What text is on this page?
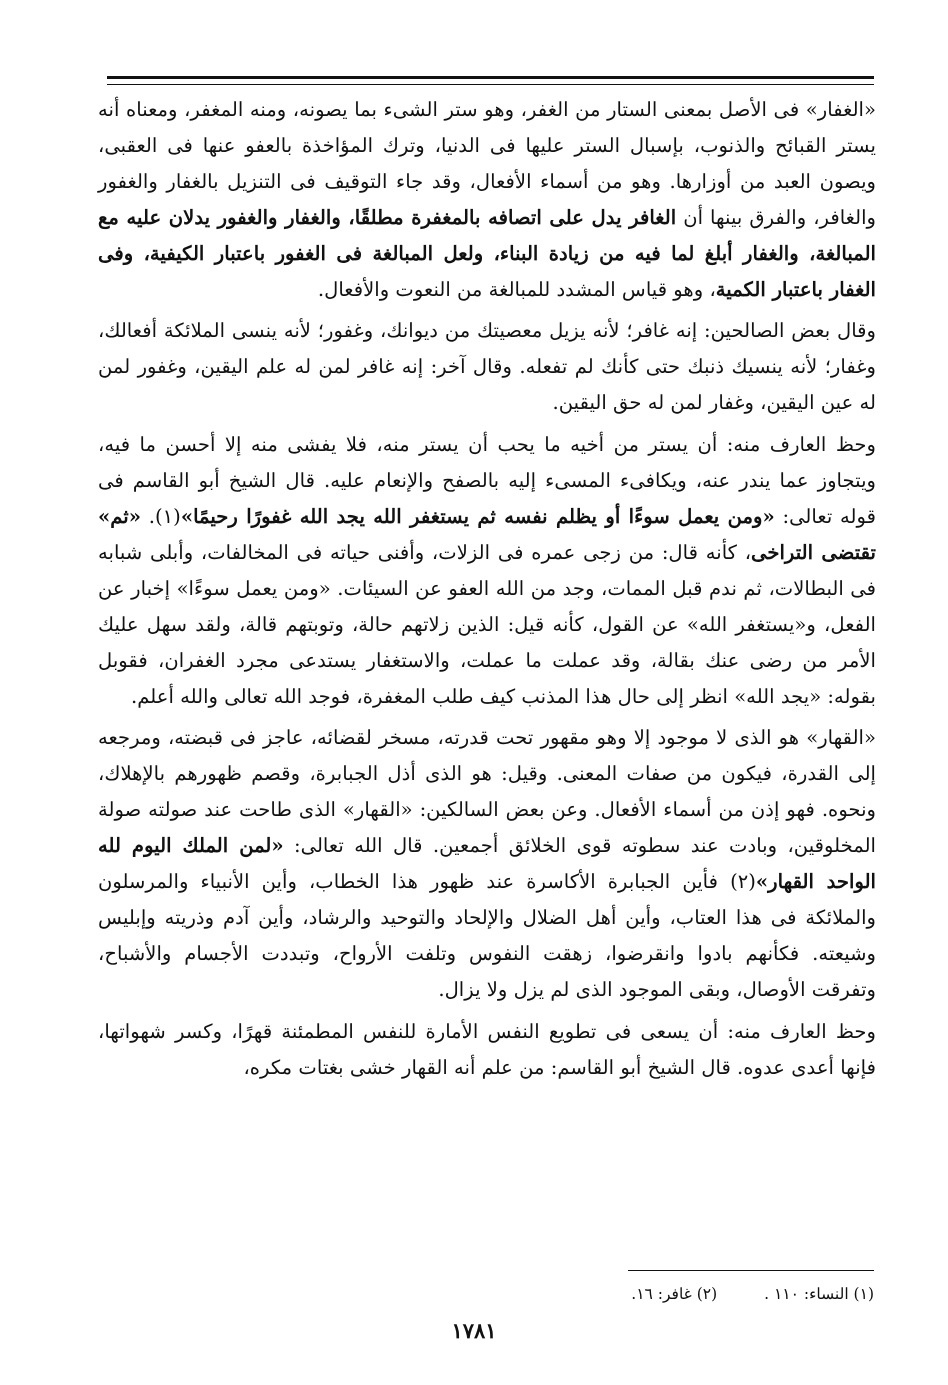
«الغفار» فى الأصل بمعنى الستار من الغفر، وهو ستر الشىء بما يصونه، ومنه المغفر، ومعناه أنه يستر القبائح والذنوب، بإسبال الستر عليها فى الدنيا، وترك المؤاخذة بالعفو عنها فى العقبى، ويصون العبد من أوزارها. وهو من أسماء الأفعال، وقد جاء التوقيف فى التنزيل بالغفار والغفور والغافر، والفرق بينها أن الغافر يدل على اتصافه بالمغفرة مطلقًا، والغفار والغفور يدلان عليه مع المبالغة، والغفار أبلغ لما فيه من زيادة البناء، ولعل المبالغة فى الغفور باعتبار الكيفية، وفى الغفار باعتبار الكمية، وهو قياس المشدد للمبالغة من النعوت والأفعال.

وقال بعض الصالحين: إنه غافر؛ لأنه يزيل معصيتك من ديوانك، وغفور؛ لأنه ينسى الملائكة أفعالك، وغفار؛ لأنه ينسيك ذنبك حتى كأنك لم تفعله. وقال آخر: إنه غافر لمن له علم اليقين، وغفور لمن له عين اليقين، وغفار لمن له حق اليقين.

وحظ العارف منه: أن يستر من أخيه ما يحب أن يستر منه، فلا يفشى منه إلا أحسن ما فيه، ويتجاوز عما يندر عنه، ويكافىء المسىء إليه بالصفح والإنعام عليه. قال الشيخ أبو القاسم فى قوله تعالى: «ومن يعمل سوءًا أو يظلم نفسه ثم يستغفر الله يجد الله غفورًا رحيمًا»(١). «ثم» تقتضى التراخى، كأنه قال: من زجى عمره فى الزلات، وأفنى حياته فى المخالفات، وأبلى شبابه فى البطالات، ثم ندم قبل الممات، وجد من الله العفو عن السيئات. «ومن يعمل سوءًا» إخبار عن الفعل، و«يستغفر الله» عن القول، كأنه قيل: الذين زلاتهم حالة، وتوبتهم قالة، ولقد سهل عليك الأمر من رضى عنك بقالة، وقد عملت ما عملت، والاستغفار يستدعى مجرد الغفران، فقوبل بقوله: «يجد الله» انظر إلى حال هذا المذنب كيف طلب المغفرة، فوجد الله تعالى والله أعلم.

«القهار» هو الذى لا موجود إلا وهو مقهور تحت قدرته، مسخر لقضائه، عاجز فى قبضته، ومرجعه إلى القدرة، فيكون من صفات المعنى. وقيل: هو الذى أذل الجبابرة، وقصم ظهورهم بالإهلاك، ونحوه. فهو إذن من أسماء الأفعال. وعن بعض السالكين: «القهار» الذى طاحت عند صولته صولة المخلوقين، وبادت عند سطوته قوى الخلائق أجمعين. قال الله تعالى: «لمن الملك اليوم لله الواحد القهار»(٢) فأين الجبابرة الأكاسرة عند ظهور هذا الخطاب، وأين الأنبياء والمرسلون والملائكة فى هذا العتاب، وأين أهل الضلال والإلحاد والتوحيد والرشاد، وأين آدم وذريته وإبليس وشيعته. فكأنهم بادوا وانقرضوا، زهقت النفوس وتلفت الأرواح، وتبددت الأجسام والأشباح، وتفرقت الأوصال، وبقى الموجود الذى لم يزل ولا يزال.

وحظ العارف منه: أن يسعى فى تطويع النفس الأمارة للنفس المطمئنة قهرًا، وكسر شهواتها، فإنها أعدى عدوه. قال الشيخ أبو القاسم: من علم أنه القهار خشى بغتات مكره،

(١) النساء: ١١٠ . (٢) غافر: ١٦.
١٧٨١
